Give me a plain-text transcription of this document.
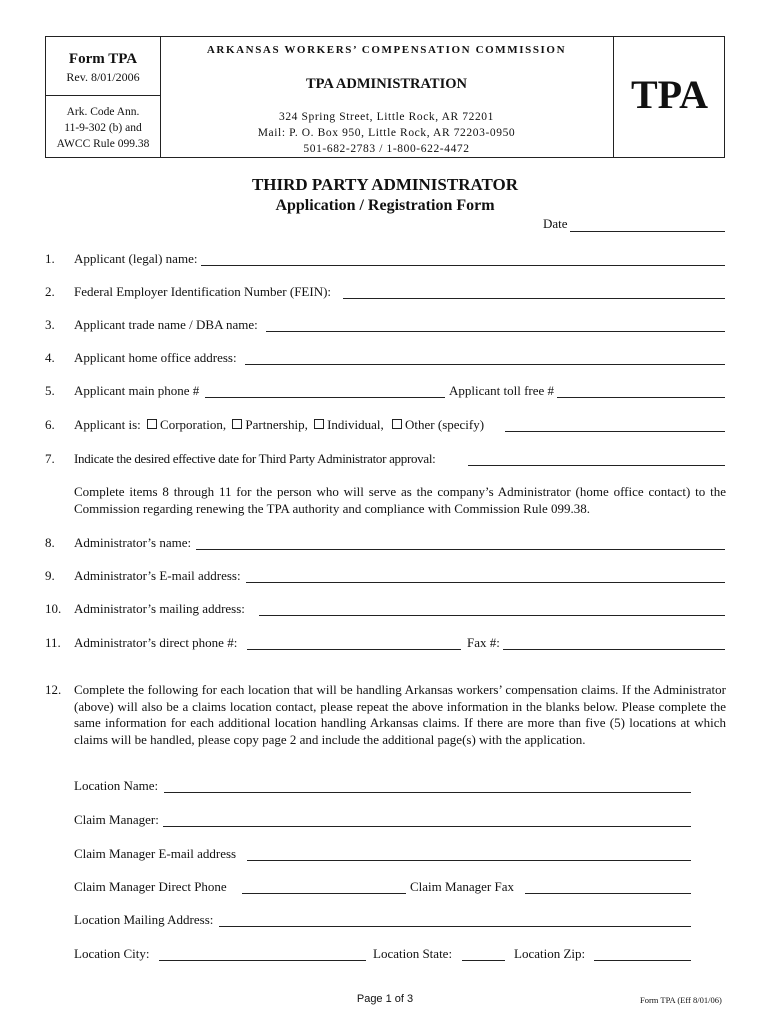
Form TPA
Rev. 8/01/2006
Ark. Code Ann.
11-9-302 (b) and
AWCC Rule 099.38
ARKANSAS WORKERS’ COMPENSATION COMMISSION
TPA ADMINISTRATION
324 Spring Street, Little Rock, AR 72201
Mail: P. O. Box 950, Little Rock, AR 72203-0950
501-682-2783 / 1-800-622-4472
TPA
THIRD PARTY ADMINISTRATOR
Application / Registration Form
Date
1. Applicant (legal) name:
2. Federal Employer Identification Number (FEIN):
3. Applicant trade name / DBA name:
4. Applicant home office address:
5. Applicant main phone #	Applicant toll free #
6. Applicant is: Corporation, Partnership, Individual, Other (specify)
7. Indicate the desired effective date for Third Party Administrator approval:
Complete items 8 through 11 for the person who will serve as the company’s Administrator (home office contact) to the Commission regarding renewing the TPA authority and compliance with Commission Rule 099.38.
8. Administrator’s name:
9. Administrator’s E-mail address:
10. Administrator’s mailing address:
11. Administrator’s direct phone #:	Fax #:
12. Complete the following for each location that will be handling Arkansas workers’ compensation claims. If the Administrator (above) will also be a claims location contact, please repeat the above information in the blanks below. Please complete the same information for each additional location handling Arkansas claims. If there are more than five (5) locations at which claims will be handled, please copy page 2 and include the additional page(s) with the application.
Location Name:
Claim Manager:
Claim Manager E-mail address
Claim Manager Direct Phone	Claim Manager Fax
Location Mailing Address:
Location City:	Location State:	Location Zip:
Page 1 of 3	Form TPA (Eff 8/01/06)
